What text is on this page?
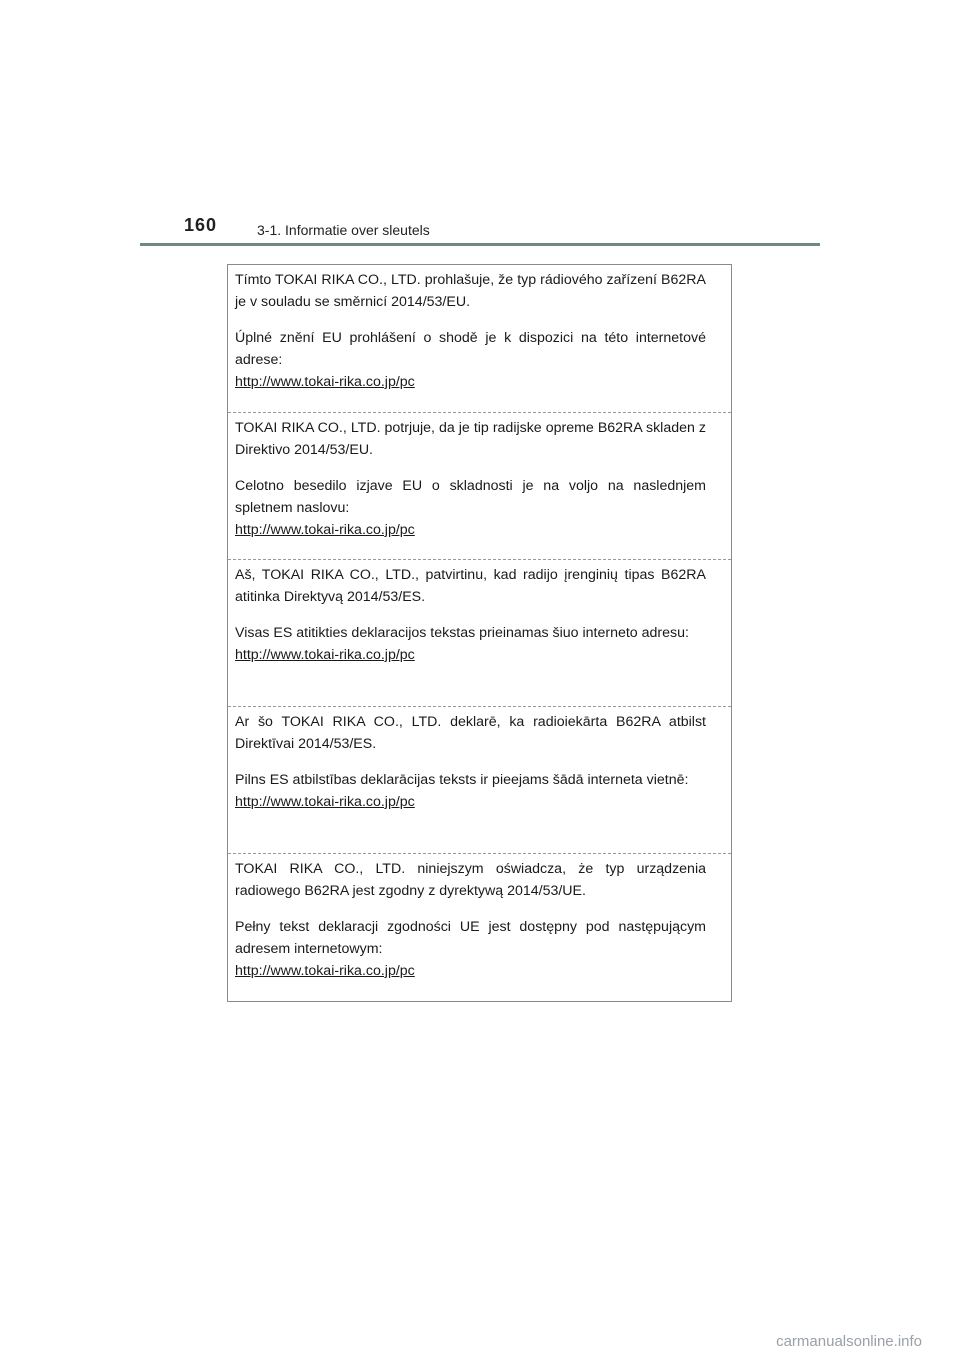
160	3-1. Informatie over sleutels

Tímto TOKAI RIKA CO., LTD. prohlašuje, že typ rádiového zařízení B62RA je v souladu se směrnicí 2014/53/EU.

Úplné znění EU prohlášení o shodě je k dispozici na této internetové adrese:

http://www.tokai-rika.co.jp/pc

TOKAI RIKA CO., LTD. potrjuje, da je tip radijske opreme B62RA skladen z Direktivo 2014/53/EU.

Celotno besedilo izjave EU o skladnosti je na voljo na naslednjem spletnem naslovu:

http://www.tokai-rika.co.jp/pc

Aš, TOKAI RIKA CO., LTD., patvirtinu, kad radijo įrenginių tipas B62RA atitinka Direktyvą 2014/53/ES.

Visas ES atitikties deklaracijos tekstas prieinamas šiuo interneto adresu:

http://www.tokai-rika.co.jp/pc

Ar šo TOKAI RIKA CO., LTD. deklarē, ka radioiekārta B62RA atbilst Direktīvai 2014/53/ES.

Pilns ES atbilstības deklarācijas teksts ir pieejams šādā interneta vietnē:

http://www.tokai-rika.co.jp/pc

TOKAI RIKA CO., LTD. niniejszym oświadcza, że typ urządzenia radiowego B62RA jest zgodny z dyrektywą 2014/53/UE.

Pełny tekst deklaracji zgodności UE jest dostępny pod następującym adresem internetowym:

http://www.tokai-rika.co.jp/pc
carmanualsonline.info
